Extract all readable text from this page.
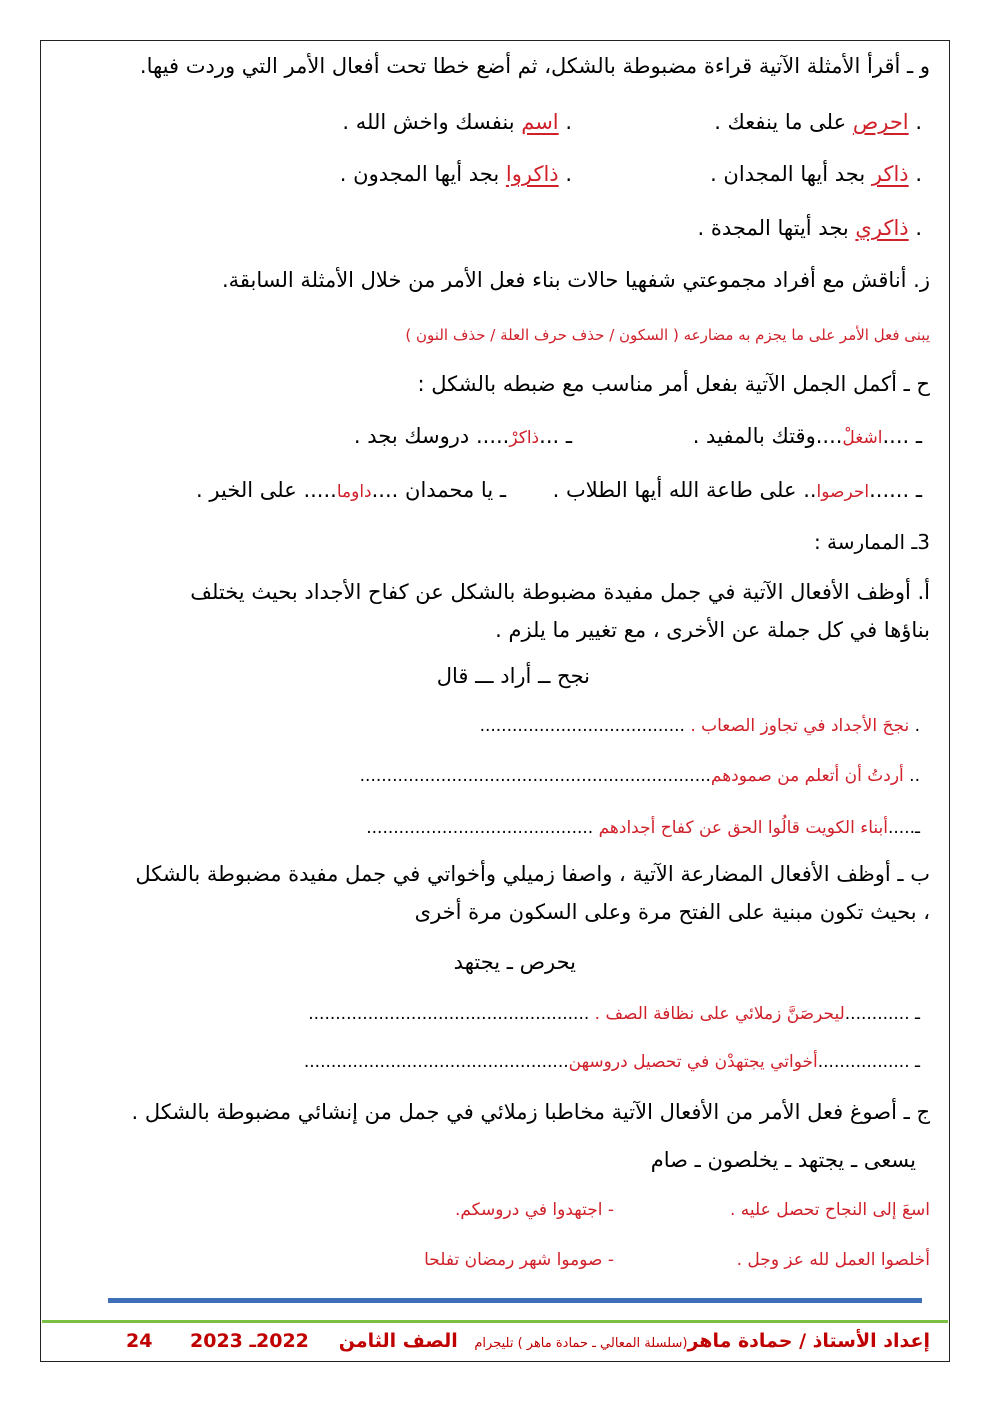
و ـ أقرأ الأمثلة الآتية قراءة مضبوطة بالشكل، ثم أضع خطا تحت أفعال الأمر التي وردت فيها.
. احرص على ما ينفعك .
. اسم بنفسك واخش الله .
. ذاكر بجد أيها المجدان .
. ذاكروا بجد أيها المجدون .
. ذاكري بجد أيتها المجدة .
ز. أناقش مع أفراد مجموعتي شفهيا حالات بناء فعل الأمر من خلال الأمثلة السابقة.
يبنى فعل الأمر على ما يجزم به مضارعه ( السكون / حذف حرف العلة / حذف النون )
ح ـ أكمل الجمل الآتية بفعل أمر مناسب مع ضبطه بالشكل :
ـ ....اشغلْ....وقتك بالمفيد .
ـ ...ذاكرْ..... دروسك بجد .
ـ ......احرصوا.. على طاعة الله أيها الطلاب .
ـ يا محمدان ....داوما..... على الخير .
3ـ الممارسة :
أ. أوظف الأفعال الآتية في جمل مفيدة مضبوطة بالشكل عن كفاح الأجداد بحيث يختلف
بناؤها في كل جملة عن الأخرى ، مع تغيير ما يلزم .
نجح ــ أراد ـــ قال
. نجحَ الأجداد في تجاوز الصعاب . ......................................
.. أردتُ أن أتعلم من صمودهم.................................................................
ـ.....أبناء الكويت قالُوا الحق عن كفاح أجدادهم ..........................................
ب ـ أوظف الأفعال المضارعة الآتية ، واصفا زميلي وأخواتي في جمل مفيدة مضبوطة بالشكل
، بحيث تكون مبنية على الفتح مرة وعلى السكون مرة أخرى
يحرص ـ يجتهد
ـ ............ليحرصَنَّ زملائي على نظافة الصف . ....................................................
ـ .................أخواتي يجتهدْن في تحصيل دروسهن.................................................
ج ـ أصوغ فعل الأمر من الأفعال الآتية مخاطبا زملائي في جمل من إنشائي مضبوطة بالشكل .
يسعى ـ يجتهد ـ يخلصون ـ صام
اسعَ إلى النجاح تحصل عليه .
- اجتهدوا في دروسكم.
أخلصوا العمل لله عز وجل .
- صوموا شهر رمضان تفلحا
إعداد الأستاذ / حمادة ماهر(سلسلة المعالي ـ حمادة ماهر ) تليجرام الصف الثامن
2022ـ 2023
24
